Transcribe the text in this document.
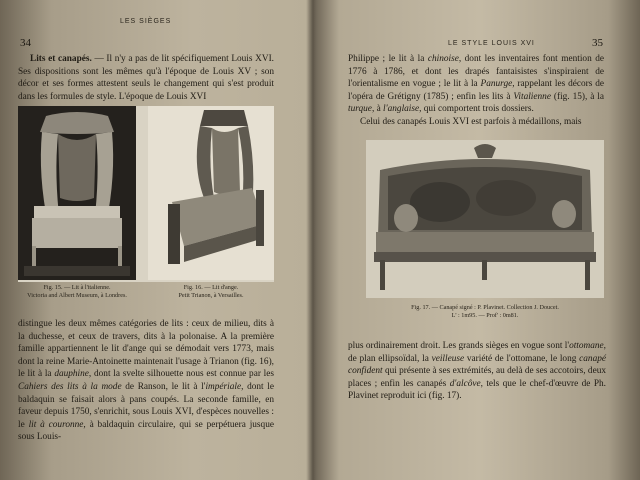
LES SIÈGES
34

Lits et canapés. — Il n'y a pas de lit spécifiquement Louis XVI. Ses dispositions sont les mêmes qu'à l'époque de Louis XV ; son décor et ses formes attestent seuls le changement qui s'est produit dans les formules de style. L'époque de Louis XVI

Fig. 15. — Lit à l'italienne.
Victoria and Albert Museum, à Londres.
Fig. 16. — Lit d'ange.
Petit Trianon, à Versailles.

distingue les deux mêmes catégories de lits : ceux de milieu, dits à la duchesse, et ceux de travers, dits à la polonaise. A la première famille appartiennent le lit d'ange qui se démodait vers 1773, mais dont la reine Marie-Antoinette maintenait l'usage à Trianon (fig. 16), le lit à la dauphine, dont la svelte silhouette nous est connue par les Cahiers des lits à la mode de Ranson, le lit à l'impériale, dont le baldaquin se faisait alors à pans coupés. La seconde famille, en faveur depuis 1750, s'enrichit, sous Louis XVI, d'espèces nouvelles : le lit à couronne, à baldaquin circulaire, qui se perpétuera jusque sous Louis-

LE STYLE LOUIS XVI	35

Philippe ; le lit à la chinoise, dont les inventaires font mention de 1776 à 1786, et dont les drapés fantaisistes s'inspiraient de l'orientalisme en vogue ; le lit à la Panurge, rappelant les décors de l'opéra de Grétigny (1785) ; enfin les lits à Vitalienne (fig. 15), à la turque, à l'anglaise, qui comportent trois dossiers.

Celui des canapés Louis XVI est parfois à médaillons, mais

Fig. 17. — Canapé signé : P. Plavinet. Collection J. Doucet.
L' : 1m95. — Prof' : 0m81.

plus ordinairement droit. Les grands sièges en vogue sont l'ottomane, de plan ellipsoïdal, la veilleuse variété de l'ottomane, le long canapé confident qui présente à ses extrémités, au delà de ses accotoirs, deux places ; enfin les canapés d'alcôve, tels que le chef-d'œuvre de Ph. Plavinet reproduit ici (fig. 17).
